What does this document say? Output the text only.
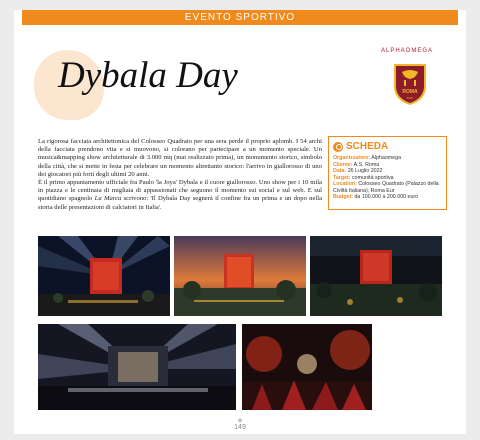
EVENTO SPORTIVO
Dybala Day
ALPHAOMEGA
ROMA
1927
La rigorosa facciata architettonica del Colosseo Quadrato per una sera perde il proprio aplomb. I 54 archi della facciata prendono vita e si muovono, si colorano per partecipare a un momento speciale. Un musica&mapping show architetturale di 3.000 mq (mai realizzato prima), un monumento storico, simbolo della città, che si mette in festa per celebrare un momento altrettanto storico: l'arrivo in giallorosso di uno dei giocatori più forti degli ultimi 20 anni.
È il primo appuntamento ufficiale fra Paulo 'la Joya' Dybala e il cuore giallorosso. Uno show per i 10 mila in piazza e le centinaia di migliaia di appassionati che seguono il momento sui social e sul web. E sul quotidiano spagnolo La Marca scrivono: 'Il Dybala Day segnerà il confine fra un prima e un dopo nella storia delle presentazioni di calciatori in Italia'.
SCHEDA
Organizzatore: Alphaomega
Cliente: A.S. Roma
Data: 26 Luglio 2022
Target: comunità sportiva
Location: Colosseo Quadrato (Palazzo della Civiltà Italiana), Roma Eur
Budget: da 100.000 a 200.000 euro
◆
149
